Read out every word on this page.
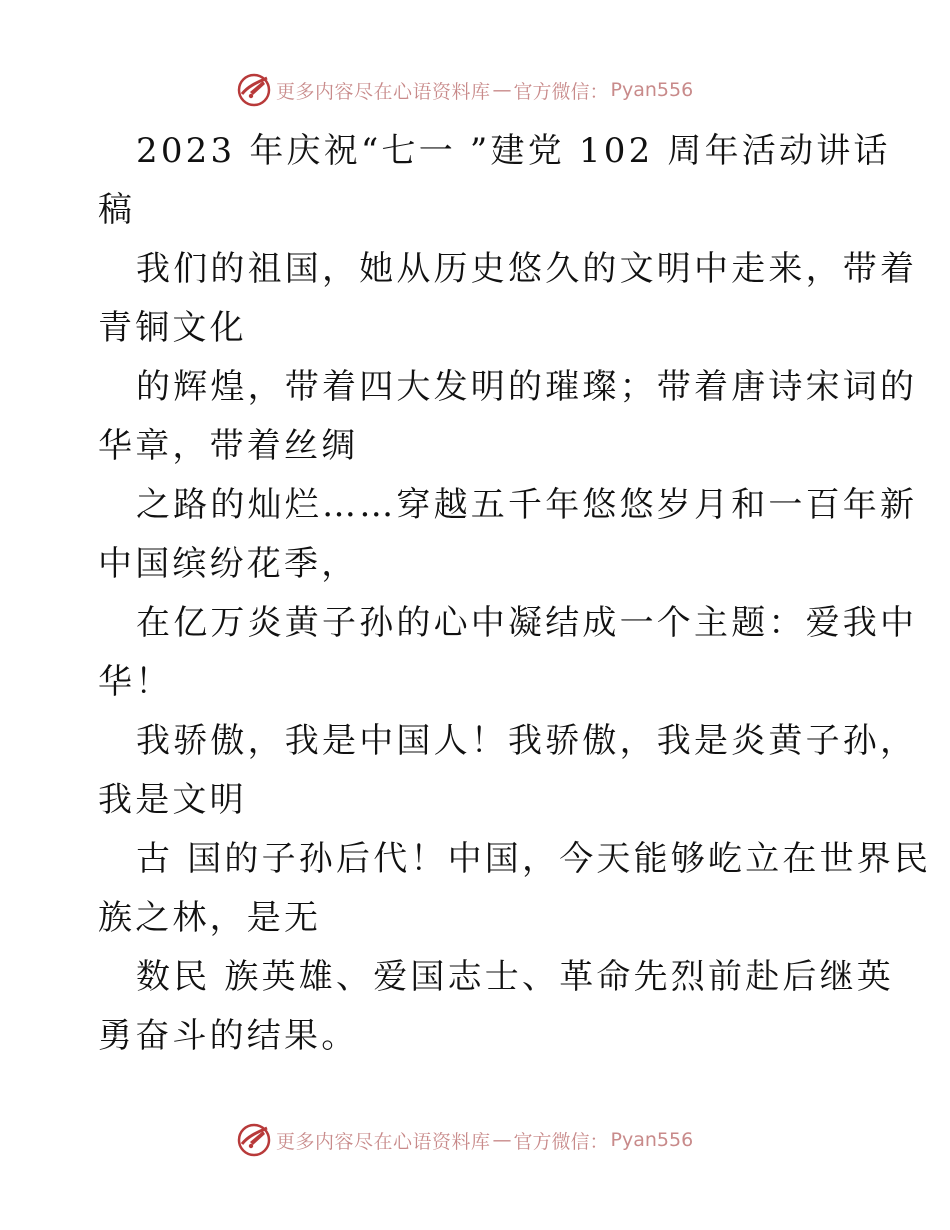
更多内容尽在心语资料库 — 官方微信： Pyan556
2023 年庆祝“七一 ”建党 102 周年活动讲话
稿
我们的祖国，她从历史悠久的文明中走来，带着
青铜文化
的辉煌，带着四大发明的璀璨；带着唐诗宋词的
华章，带着丝绸
之路的灿烂……穿越五千年悠悠岁月和一百年新
中国缤纷花季，
在亿万炎黄子孙的心中凝结成一个主题：爱我中
华！
我骄傲，我是中国人！我骄傲，我是炎黄子孙，
我是文明
古 国的子孙后代！中国，今天能够屹立在世界民
族之林，是无
数民 族英雄、爱国志士、革命先烈前赴后继英
勇奋斗的结果。
更多内容尽在心语资料库 — 官方微信： Pyan556
